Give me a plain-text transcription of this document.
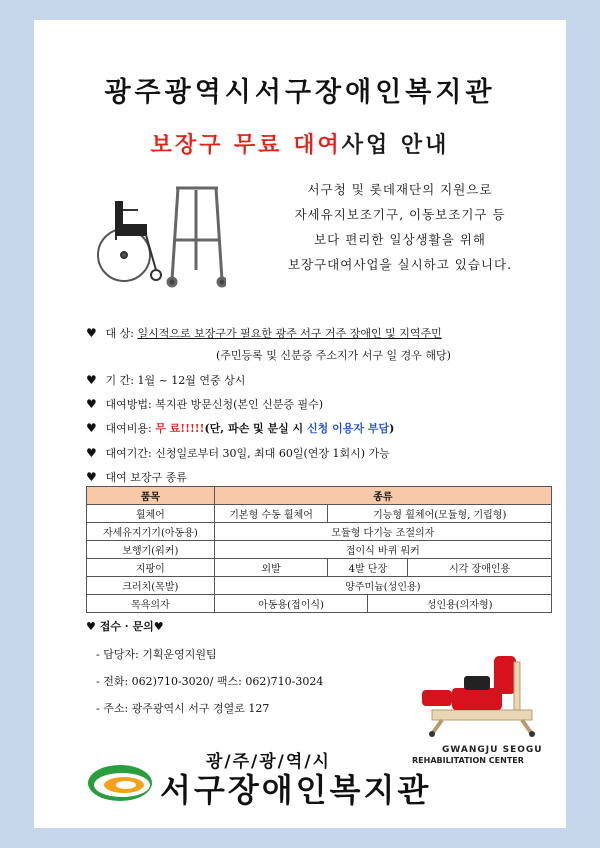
광주광역시서구장애인복지관
보장구 무료 대여사업 안내
서구청 및 롯데재단의 지원으로
자세유지보조기구, 이동보조기구 등
보다 편리한 일상생활을 위해
보장구대여사업을 실시하고 있습니다.
♥ 대 상: 일시적으로 보장구가 필요한 광주 서구 거주 장애인 및 지역주민
(주민등록 및 신분증 주소지가 서구 일 경우 해당)
♥ 기 간: 1월 ~ 12월 연중 상시
♥ 대여방법: 복지관 방문신청(본인 신분증 필수)
♥ 대여비용: 무 료!!!!!(단, 파손 및 분실 시 신청 이용자 부담)
♥ 대여기간: 신청일로부터 30일, 최대 60일(연장 1회시) 가능
♥ 대여 보장구 종류
품목	종류			
휠체어	기본형 수동 휠체어	기능형 휠체어(모듈형, 기립형)		
자세유지기기(아동용)	모듈형 다기능 조절의자			
보행기(워커)	접이식 바퀴 워커			
지팡이	외발	4발 단장		시각 장애인용
크러치(목발)	양주미늄(성인용)			
목욕의자	아동용(접이식)		성인용(의자형)	
♥ 접수 · 문의♥
- 담당자: 기획운영지원팀
- 전화: 062)710-3020/ 팩스: 062)710-3024
- 주소: 광주광역시 서구 경열로 127
광/주/광/역/시
서구장애인복지관
GWANGJU SEOGU
REHABILITATION CENTER
